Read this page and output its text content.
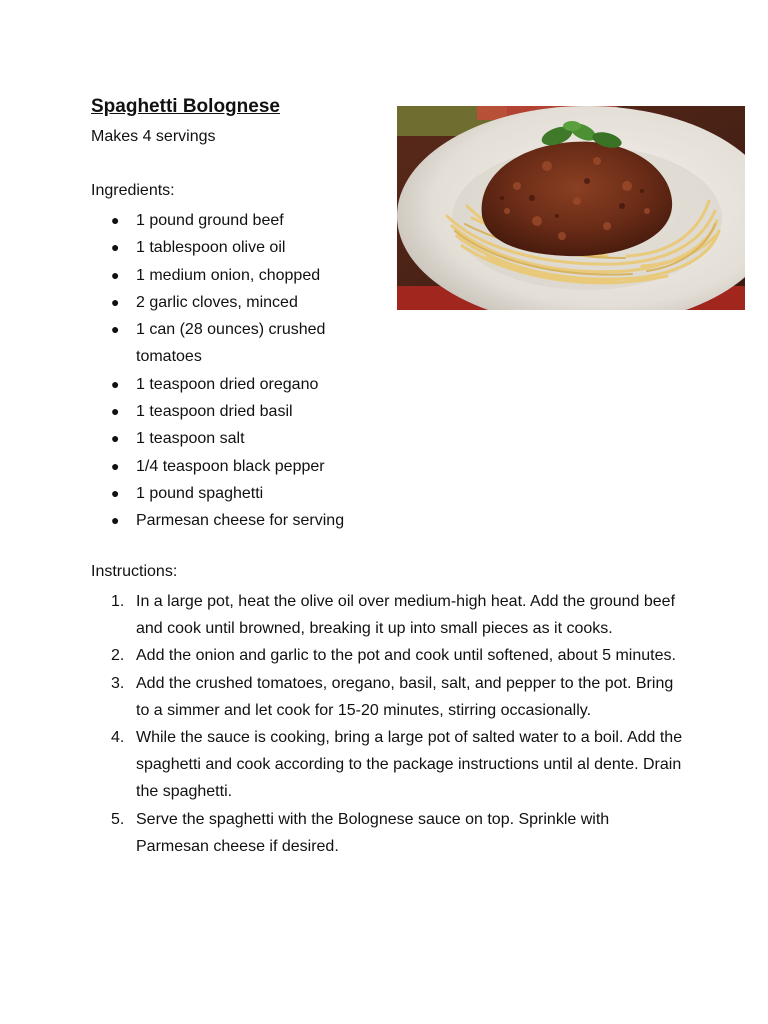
Spaghetti Bolognese
Makes 4 servings
Ingredients:
● 1 pound ground beef
● 1 tablespoon olive oil
● 1 medium onion, chopped
● 2 garlic cloves, minced
● 1 can (28 ounces) crushed tomatoes
● 1 teaspoon dried oregano
● 1 teaspoon dried basil
● 1 teaspoon salt
● 1/4 teaspoon black pepper
● 1 pound spaghetti
● Parmesan cheese for serving
Instructions:
1. In a large pot, heat the olive oil over medium-high heat. Add the ground beef and cook until browned, breaking it up into small pieces as it cooks.
2. Add the onion and garlic to the pot and cook until softened, about 5 minutes.
3. Add the crushed tomatoes, oregano, basil, salt, and pepper to the pot. Bring to a simmer and let cook for 15-20 minutes, stirring occasionally.
4. While the sauce is cooking, bring a large pot of salted water to a boil. Add the spaghetti and cook according to the package instructions until al dente. Drain the spaghetti.
5. Serve the spaghetti with the Bolognese sauce on top. Sprinkle with Parmesan cheese if desired.
